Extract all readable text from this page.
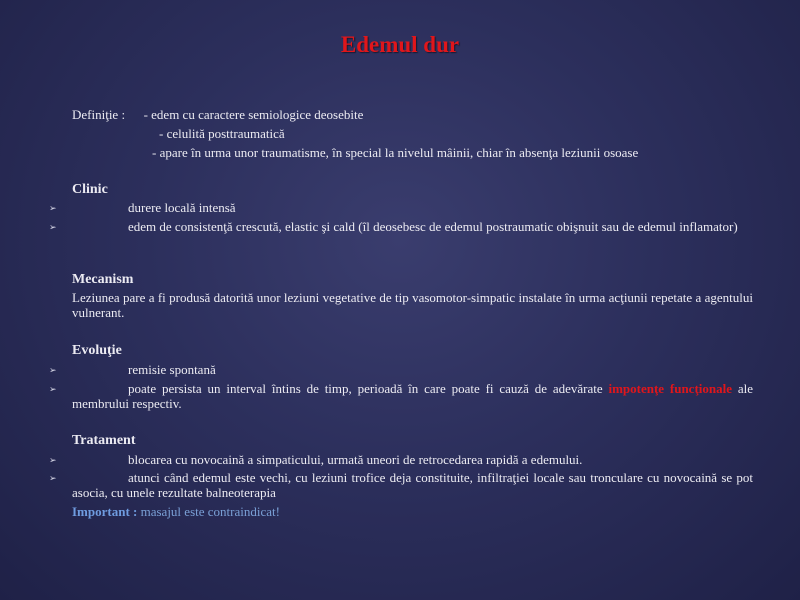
Edemul dur
Definiţie : - edem cu caractere semiologice deosebite
- celulită posttraumatică
- apare în urma unor traumatisme, în special la nivelul mâinii, chiar în absenţa leziunii osoase
Clinic
➢	durere locală intensă
➢	edem de consistenţă crescută, elastic şi cald (îl deosebesc de edemul postraumatic obişnuit sau de edemul inflamator)
Mecanism
Leziunea pare a fi produsă datorită unor leziuni vegetative de tip vasomotor-simpatic instalate în urma acţiunii repetate a agentului vulnerant.
Evoluţie
➢	remisie spontană
➢	poate persista un interval întins de timp, perioadă în care poate fi cauză de adevărate impotenţe funcţionale ale membrului respectiv.
Tratament
➢	blocarea cu novocaină a simpaticului, urmată uneori de retrocedarea rapidă a edemului.
➢	atunci când edemul este vechi, cu leziuni trofice deja constituite, infiltraţiei locale sau tronculare cu novocaină se pot asocia, cu unele rezultate balneoterapia
Important : masajul este contraindicat!
